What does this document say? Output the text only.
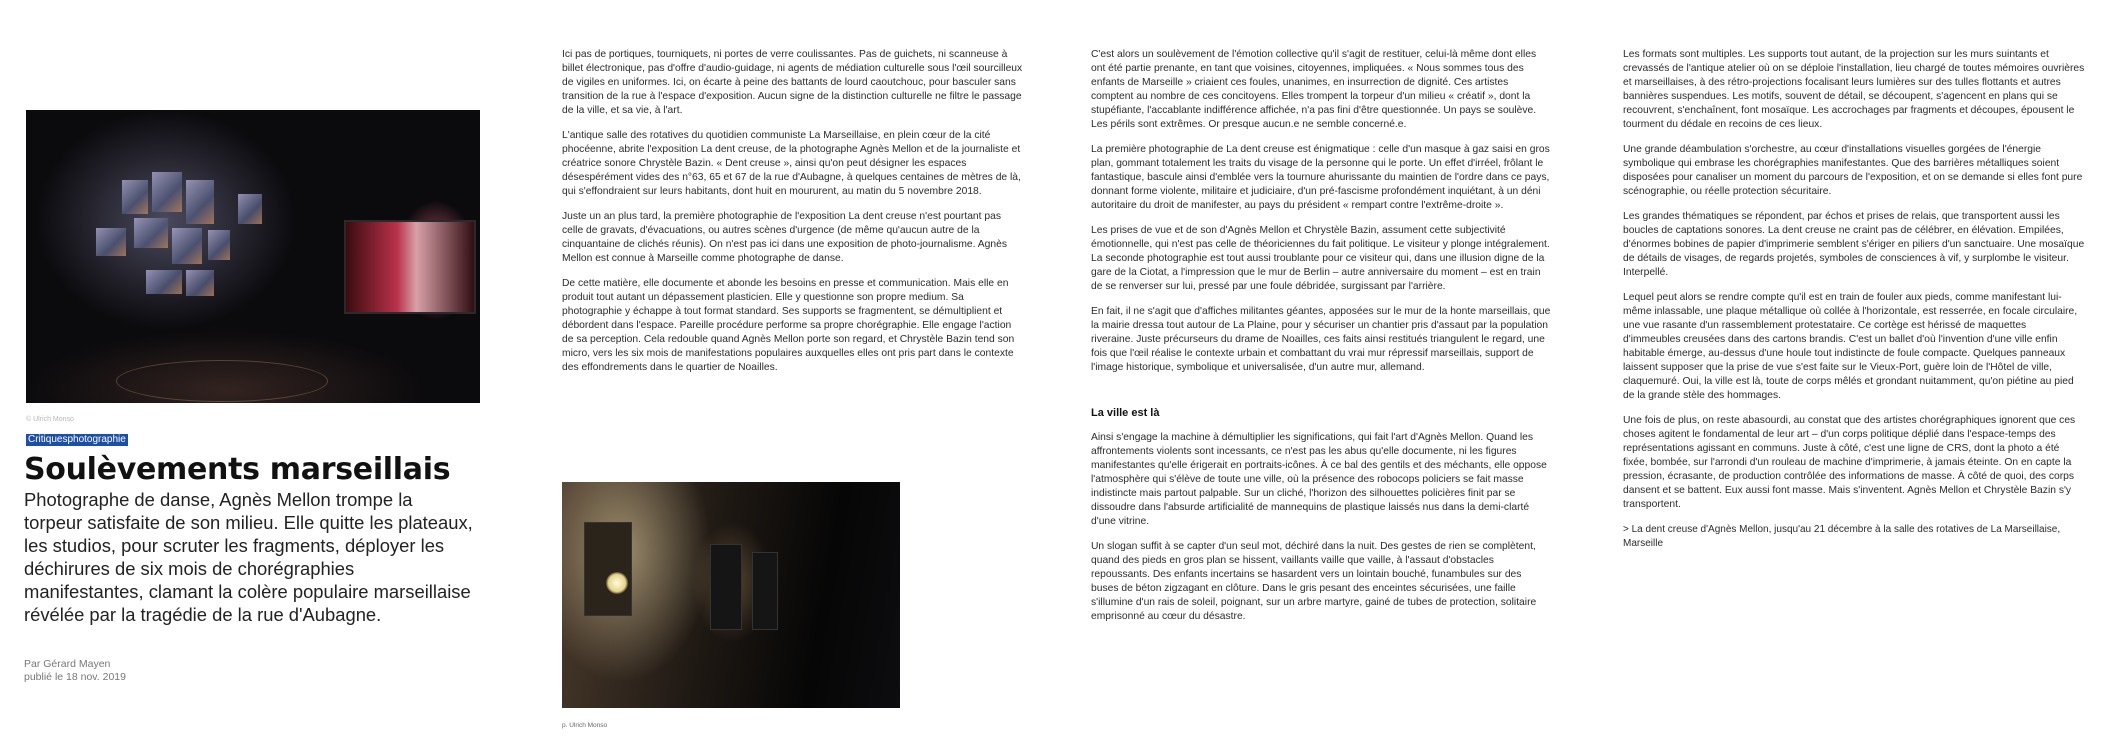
© Ulrich Monso
Critiquesphotographie
Soulèvements marseillais

Photographe de danse, Agnès Mellon trompe la torpeur satisfaite de son milieu. Elle quitte les plateaux, les studios, pour scruter les fragments, déployer les déchirures de six mois de chorégraphies manifestantes, clamant la colère populaire marseillaise révélée par la tragédie de la rue d'Aubagne.

Par Gérard Mayen
publié le 18 nov. 2019

Ici pas de portiques, tourniquets, ni portes de verre coulissantes. Pas de guichets, ni scanneuse à billet électronique, pas d'offre d'audio-guidage, ni agents de médiation culturelle sous l'œil sourcilleux de vigiles en uniformes. Ici, on écarte à peine des battants de lourd caoutchouc, pour basculer sans transition de la rue à l'espace d'exposition. Aucun signe de la distinction culturelle ne filtre le passage de la ville, et sa vie, à l'art.

L'antique salle des rotatives du quotidien communiste La Marseillaise, en plein cœur de la cité phocéenne, abrite l'exposition La dent creuse, de la photographe Agnès Mellon et de la journaliste et créatrice sonore Chrystèle Bazin. « Dent creuse », ainsi qu'on peut désigner les espaces désespérément vides des n°63, 65 et 67 de la rue d'Aubagne, à quelques centaines de mètres de là, qui s'effondraient sur leurs habitants, dont huit en moururent, au matin du 5 novembre 2018.

Juste un an plus tard, la première photographie de l'exposition La dent creuse n'est pourtant pas celle de gravats, d'évacuations, ou autres scènes d'urgence (de même qu'aucun autre de la cinquantaine de clichés réunis). On n'est pas ici dans une exposition de photo-journalisme. Agnès Mellon est connue à Marseille comme photographe de danse.

De cette matière, elle documente et abonde les besoins en presse et communication. Mais elle en produit tout autant un dépassement plasticien. Elle y questionne son propre medium. Sa photographie y échappe à tout format standard. Ses supports se fragmentent, se démultiplient et débordent dans l'espace. Pareille procédure performe sa propre chorégraphie. Elle engage l'action de sa perception. Cela redouble quand Agnès Mellon porte son regard, et Chrystèle Bazin tend son micro, vers les six mois de manifestations populaires auxquelles elles ont pris part dans le contexte des effondrements dans le quartier de Noailles.

p. Ulrich Monso

C'est alors un soulèvement de l'émotion collective qu'il s'agit de restituer, celui-là même dont elles ont été partie prenante, en tant que voisines, citoyennes, impliquées. « Nous sommes tous des enfants de Marseille » criaient ces foules, unanimes, en insurrection de dignité. Ces artistes comptent au nombre de ces concitoyens. Elles trompent la torpeur d'un milieu « créatif », dont la stupéfiante, l'accablante indifférence affichée, n'a pas fini d'être questionnée. Un pays se soulève. Les périls sont extrêmes. Or presque aucun.e ne semble concerné.e.

La première photographie de La dent creuse est énigmatique : celle d'un masque à gaz saisi en gros plan, gommant totalement les traits du visage de la personne qui le porte. Un effet d'irréel, frôlant le fantastique, bascule ainsi d'emblée vers la tournure ahurissante du maintien de l'ordre dans ce pays, donnant forme violente, militaire et judiciaire, d'un pré-fascisme profondément inquiétant, à un déni autoritaire du droit de manifester, au pays du président « rempart contre l'extrême-droite ».

Les prises de vue et de son d'Agnès Mellon et Chrystèle Bazin, assument cette subjectivité émotionnelle, qui n'est pas celle de théoriciennes du fait politique. Le visiteur y plonge intégralement. La seconde photographie est tout aussi troublante pour ce visiteur qui, dans une illusion digne de la gare de la Ciotat, a l'impression que le mur de Berlin – autre anniversaire du moment – est en train de se renverser sur lui, pressé par une foule débridée, surgissant par l'arrière.

En fait, il ne s'agit que d'affiches militantes géantes, apposées sur le mur de la honte marseillais, que la mairie dressa tout autour de La Plaine, pour y sécuriser un chantier pris d'assaut par la population riveraine. Juste précurseurs du drame de Noailles, ces faits ainsi restitués triangulent le regard, une fois que l'œil réalise le contexte urbain et combattant du vrai mur répressif marseillais, support de l'image historique, symbolique et universalisée, d'un autre mur, allemand.

La ville est là

Ainsi s'engage la machine à démultiplier les significations, qui fait l'art d'Agnès Mellon. Quand les affrontements violents sont incessants, ce n'est pas les abus qu'elle documente, ni les figures manifestantes qu'elle érigerait en portraits-icônes. À ce bal des gentils et des méchants, elle oppose l'atmosphère qui s'élève de toute une ville, où la présence des robocops policiers se fait masse indistincte mais partout palpable. Sur un cliché, l'horizon des silhouettes policières finit par se dissoudre dans l'absurde artificialité de mannequins de plastique laissés nus dans la demi-clarté d'une vitrine.

Un slogan suffit à se capter d'un seul mot, déchiré dans la nuit. Des gestes de rien se complètent, quand des pieds en gros plan se hissent, vaillants vaille que vaille, à l'assaut d'obstacles repoussants. Des enfants incertains se hasardent vers un lointain bouché, funambules sur des buses de béton zigzagant en clôture. Dans le gris pesant des enceintes sécurisées, une faille s'illumine d'un rais de soleil, poignant, sur un arbre martyre, gainé de tubes de protection, solitaire emprisonné au cœur du désastre.

Les formats sont multiples. Les supports tout autant, de la projection sur les murs suintants et crevassés de l'antique atelier où on se déploie l'installation, lieu chargé de toutes mémoires ouvrières et marseillaises, à des rétro-projections focalisant leurs lumières sur des tulles flottants et autres bannières suspendues. Les motifs, souvent de détail, se découpent, s'agencent en plans qui se recouvrent, s'enchaînent, font mosaïque. Les accrochages par fragments et découpes, épousent le tourment du dédale en recoins de ces lieux.

Une grande déambulation s'orchestre, au cœur d'installations visuelles gorgées de l'énergie symbolique qui embrase les chorégraphies manifestantes. Que des barrières métalliques soient disposées pour canaliser un moment du parcours de l'exposition, et on se demande si elles font pure scénographie, ou réelle protection sécuritaire.

Les grandes thématiques se répondent, par échos et prises de relais, que transportent aussi les boucles de captations sonores. La dent creuse ne craint pas de célébrer, en élévation. Empilées, d'énormes bobines de papier d'imprimerie semblent s'ériger en piliers d'un sanctuaire. Une mosaïque de détails de visages, de regards projetés, symboles de consciences à vif, y surplombe le visiteur. Interpellé.

Lequel peut alors se rendre compte qu'il est en train de fouler aux pieds, comme manifestant lui-même inlassable, une plaque métallique où collée à l'horizontale, est resserrée, en focale circulaire, une vue rasante d'un rassemblement protestataire. Ce cortège est hérissé de maquettes d'immeubles creusées dans des cartons brandis. C'est un ballet d'où l'invention d'une ville enfin habitable émerge, au-dessus d'une houle tout indistincte de foule compacte. Quelques panneaux laissent supposer que la prise de vue s'est faite sur le Vieux-Port, guère loin de l'Hôtel de ville, claquemuré. Oui, la ville est là, toute de corps mêlés et grondant nuitamment, qu'on piétine au pied de la grande stèle des hommages.

Une fois de plus, on reste abasourdi, au constat que des artistes chorégraphiques ignorent que ces choses agitent le fondamental de leur art – d'un corps politique déplié dans l'espace-temps des représentations agissant en communs. Juste à côté, c'est une ligne de CRS, dont la photo a été fixée, bombée, sur l'arrondi d'un rouleau de machine d'imprimerie, à jamais éteinte. On en capte la pression, écrasante, de production contrôlée des informations de masse. À côté de quoi, des corps dansent et se battent. Eux aussi font masse. Mais s'inventent. Agnès Mellon et Chrystèle Bazin s'y transportent.

> La dent creuse d'Agnès Mellon, jusqu'au 21 décembre à la salle des rotatives de La Marseillaise, Marseille
